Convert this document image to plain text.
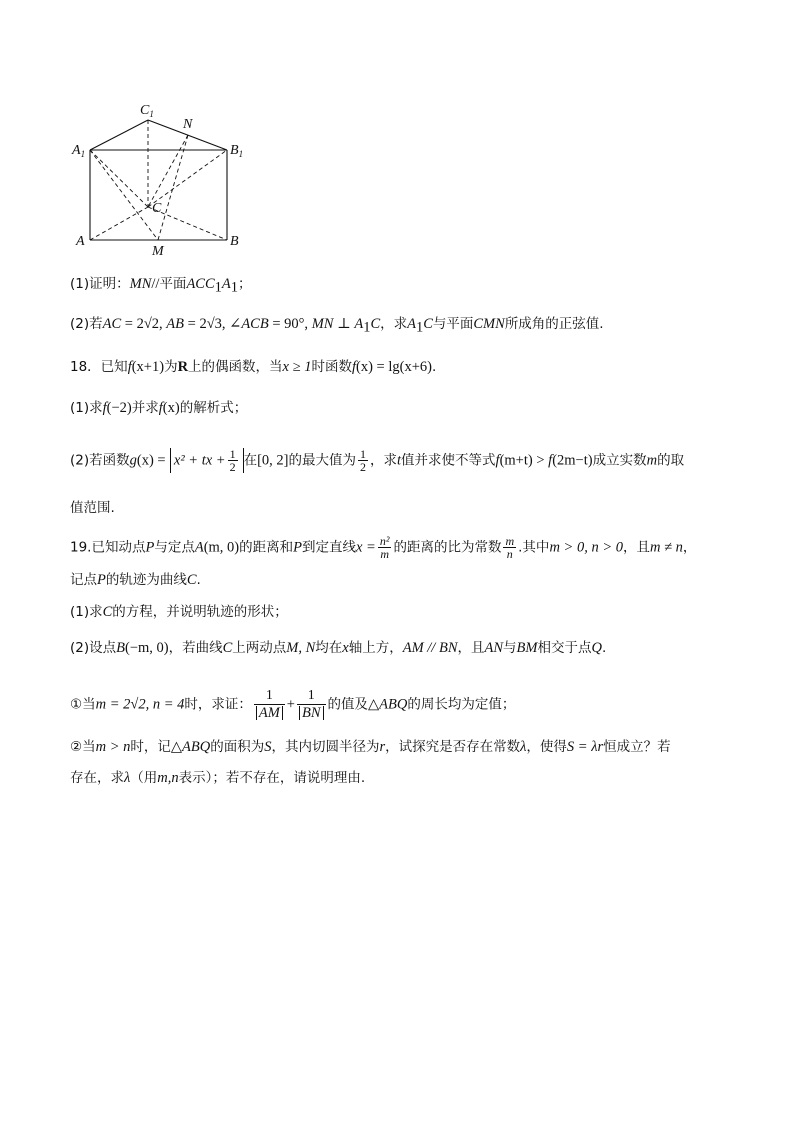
$C_1$
N
$A_1$	$B_1$
C
A
M
B
(1)证明：MN//平面$ACC_1A_1$；
(2)若AC = 2√2, AB = 2√3, ∠ACB = 90°, MN ⊥ $A_1C$，求$A_1C$与平面CMN所成角的正弦值.
18．已知f(x+1)为R上的偶函数，当x ≥ 1时函数f(x) = lg(x+6).
(1)求f(−2)并求f(x)的解析式；
(2)若函数g(x) = x² + tx + $\frac{1}{2}$ 在[0, 2]的最大值为 $\frac{1}{2}$ ，求t值并求使不等式f(m+t) > f(2m−t)成立实数m的取
值范围.
19.已知动点P与定点A(m, 0)的距离和P到定直线$x = \frac{\text{n²}}{m}$ 的距离的比为常数 $\frac{m}{n}$ .其中m > 0, n > 0，且m ≠ n，
记点P的轨迹为曲线C.
(1)求C的方程，并说明轨迹的形状；
(2)设点B(−m, 0)，若曲线C上两动点M, N均在x轴上方，AM // BN，且AN与BM相交于点Q.
①当m = 2√2, n = 4时，求证： $\frac{1}{AM} + \frac{1}{BN}$ 的值及△ABQ的周长均为定值；
②当m > n时，记△ABQ的面积为S，其内切圆半径为r，试探究是否存在常数λ，使得S = λr恒成立？若
存在，求λ（用m,n表示）；若不存在，请说明理由.
